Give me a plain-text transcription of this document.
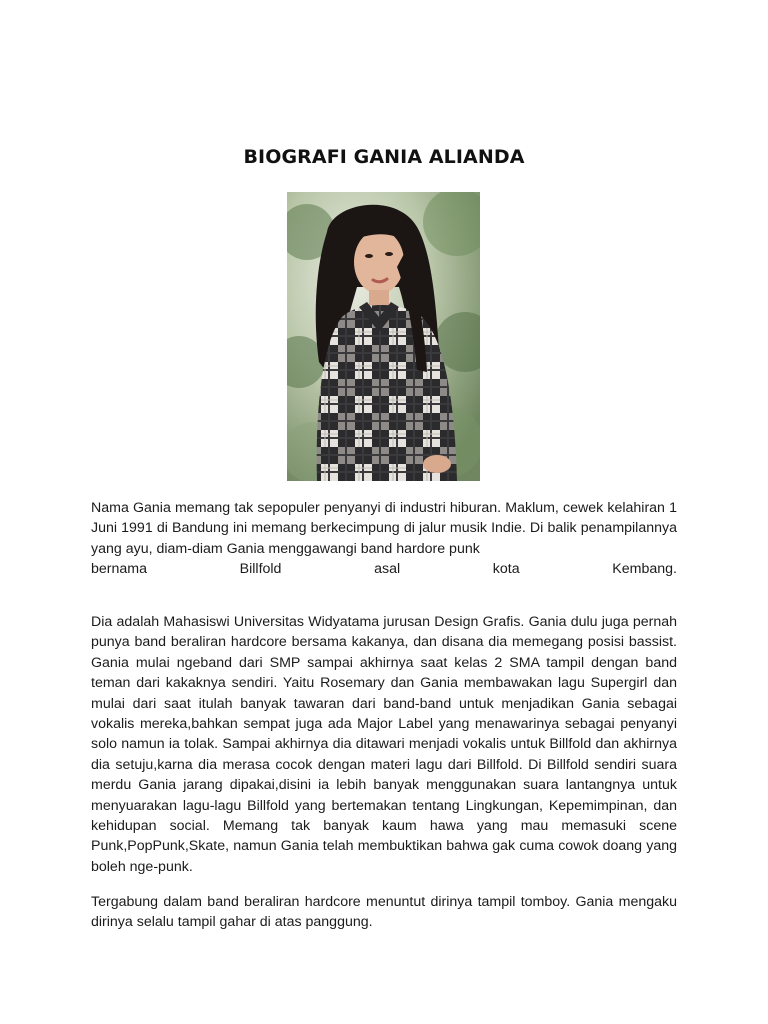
BIOGRAFI GANIA ALIANDA

Nama Gania memang tak sepopuler penyanyi di industri hiburan. Maklum, cewek kelahiran 1 Juni 1991 di Bandung ini memang berkecimpung di jalur musik Indie. Di balik penampilannya yang ayu, diam-diam Gania menggawangi band hardore punk

bernama	Billfold	asal	kota	Kembang.

Dia adalah Mahasiswi Universitas Widyatama jurusan Design Grafis. Gania dulu juga pernah punya band beraliran hardcore bersama kakanya, dan disana dia memegang posisi bassist. Gania mulai ngeband dari SMP sampai akhirnya saat kelas 2 SMA tampil dengan band teman dari kakaknya sendiri. Yaitu Rosemary dan Gania membawakan lagu Supergirl dan mulai dari saat itulah banyak tawaran dari band-band untuk menjadikan Gania sebagai vokalis mereka,bahkan sempat juga ada Major Label yang menawarinya sebagai penyanyi solo namun ia tolak. Sampai akhirnya dia ditawari menjadi vokalis untuk Billfold dan akhirnya dia setuju,karna dia merasa cocok dengan materi lagu dari Billfold. Di Billfold sendiri suara merdu Gania jarang dipakai,disini ia lebih banyak menggunakan suara lantangnya untuk menyuarakan lagu-lagu Billfold yang bertemakan tentang Lingkungan, Kepemimpinan, dan kehidupan social. Memang tak banyak kaum hawa yang mau memasuki scene Punk,PopPunk,Skate, namun Gania telah membuktikan bahwa gak cuma cowok doang yang boleh nge-punk.

Tergabung dalam band beraliran hardcore menuntut dirinya tampil tomboy. Gania mengaku dirinya selalu tampil gahar di atas panggung.
